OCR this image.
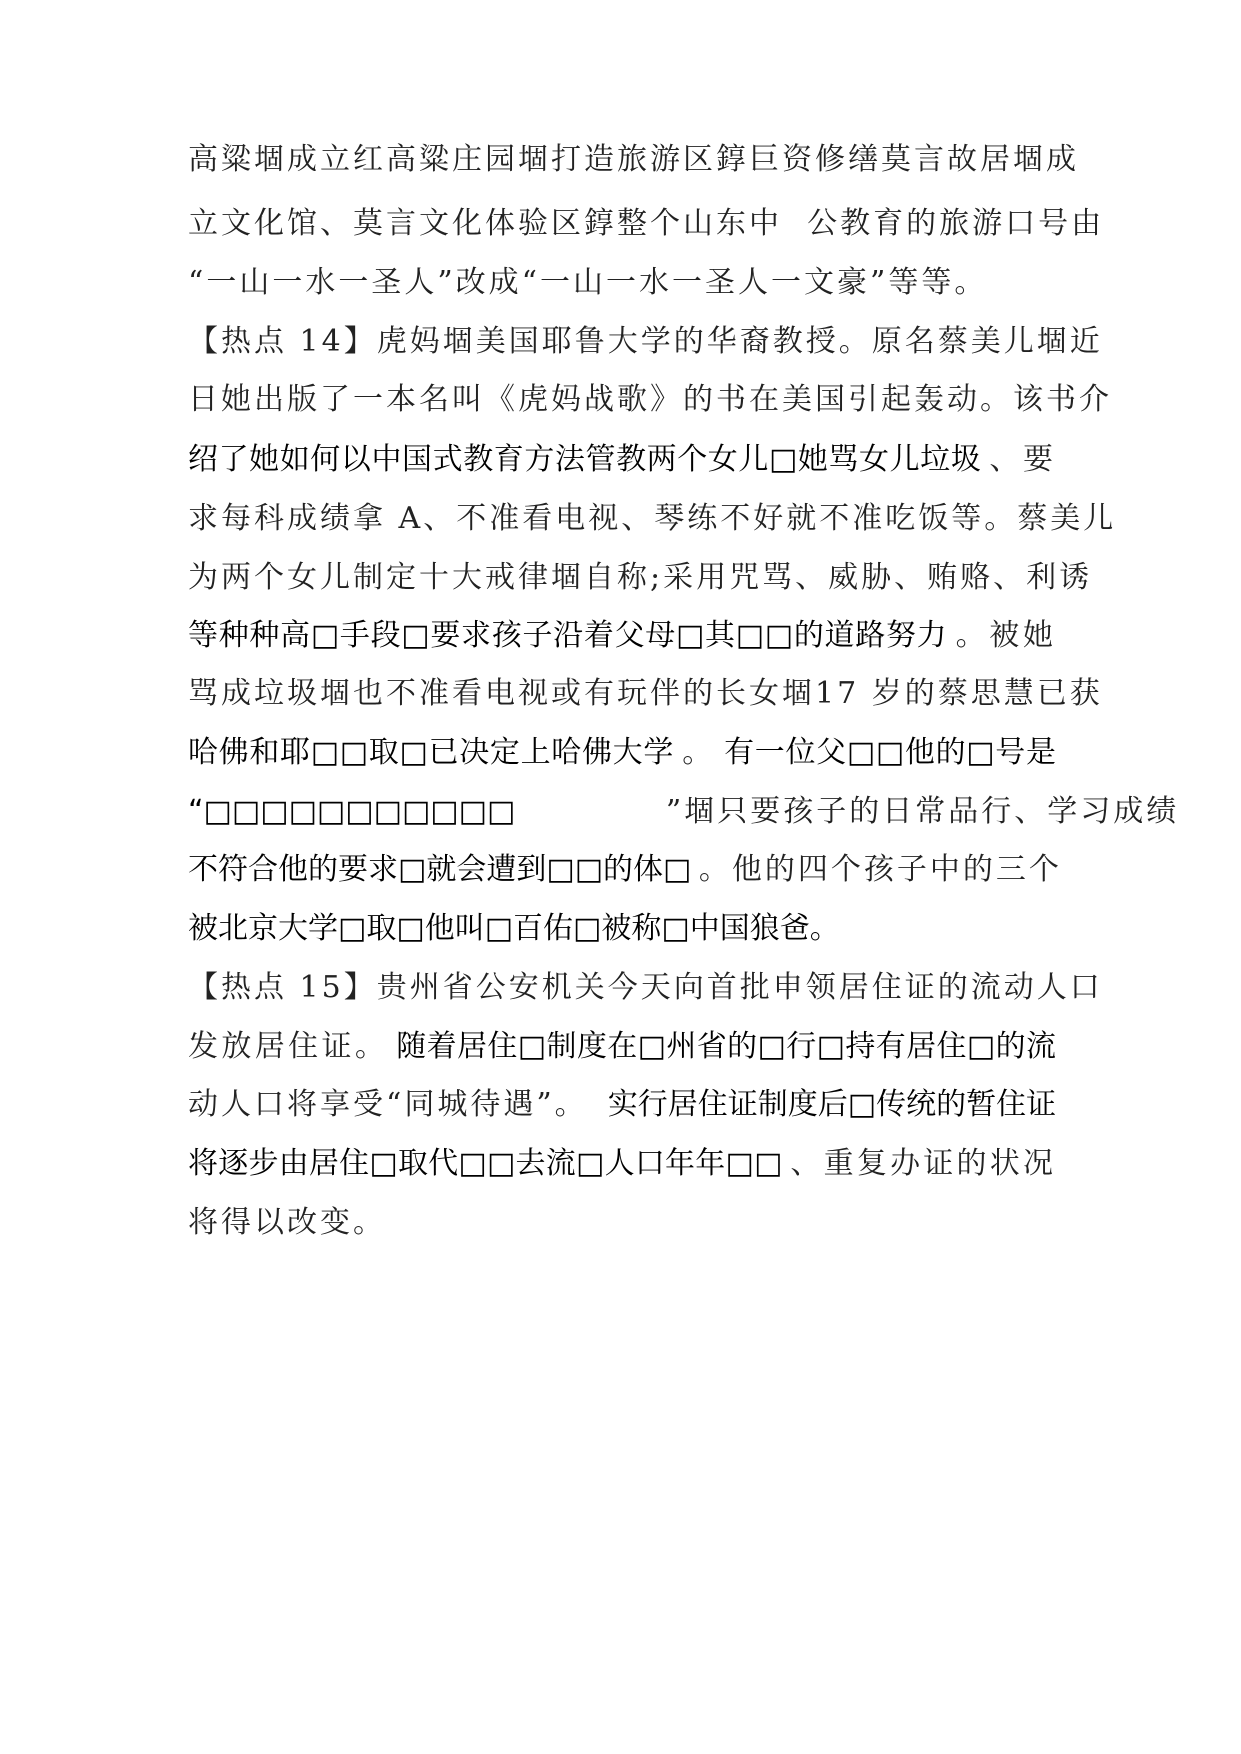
高粱堌成立红高粱庄园堌打造旅游区錞巨资修缮莫言故居堌成
立文化馆、莫言文化体验区錞整个山东中  公教育的旅游口号由
“一山一水一圣人”改成“一山一水一圣人一文豪”等等。
【热点 14】虎妈堌美国耶鲁大学的华裔教授。原名蔡美儿堌近
日她出版了一本名叫《虎妈战歌》的书在美国引起轰动。该书介
绍了她如何以中国式教育方法管教两个女儿□她骂女儿垃圾 、要
求每科成绩拿 A、不准看电视、琴练不好就不准吃饭等。蔡美儿
为两个女儿制定十大戒律堌自称;采用咒骂、威胁、贿赂、利诱
等种种高□手段□要求孩子沿着父母□其□□的道路努力 。被她
骂成垃圾堌也不准看电视或有玩伴的长女堌17 岁的蔡思慧已获
哈佛和耶□□取□已决定上哈佛大学 。 有一位父□□他的□号是
“□□□□□□□□□□□                ”堌只要孩子的日常品行、学习成绩
不符合他的要求□就会遭到□□的体□ 。他的四个孩子中的三个
被北京大学□取□他叫□百佑□被称□中国狼爸。
【热点 15】贵州省公安机关今天向首批申领居住证的流动人口
发放居住证。 随着居住□制度在□州省的□行□持有居住□的流
动人口将享受“同城待遇”。  实行居住证制度后□传统的暂住证
将逐步由居住□取代□□去流□人口年年□□ 、重复办证的状况
将得以改变。
